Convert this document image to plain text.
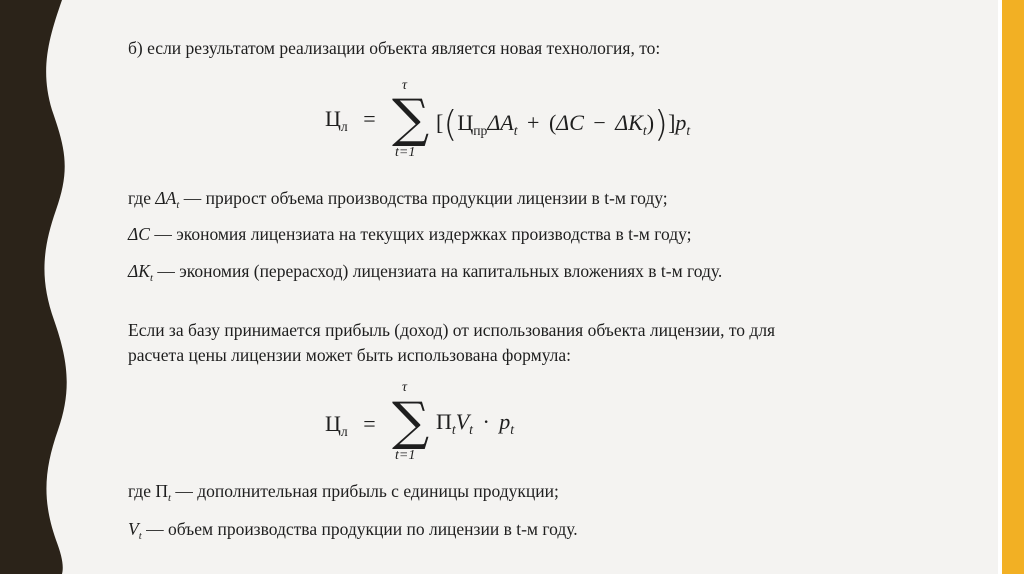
б) если результатом реализации объекта является новая технология, то:
$Ц_л$ =
τ
∑
t=1
$[(Ц_{пр}\Delta A_t + (\Delta C - \Delta K_t))]p_t$
где $\Delta A_t$ — прирост объема производства продукции лицензии в t-м году;
ΔC — экономия лицензиата на текущих издержках производства в t-м году;
$\Delta K_t$ — экономия (перерасход) лицензиата на капитальных вложениях в t-м году.
Если за базу принимается прибыль (доход) от использования объекта лицензии, то для
расчета цены лицензии может быть использована формула:
$Ц_л$ =
τ
∑
t=1
$П_tV_t \cdot p_t$
где $П_t$ — дополнительная прибыль с единицы продукции;
$V_t$ — объем производства продукции по лицензии в t-м году.
